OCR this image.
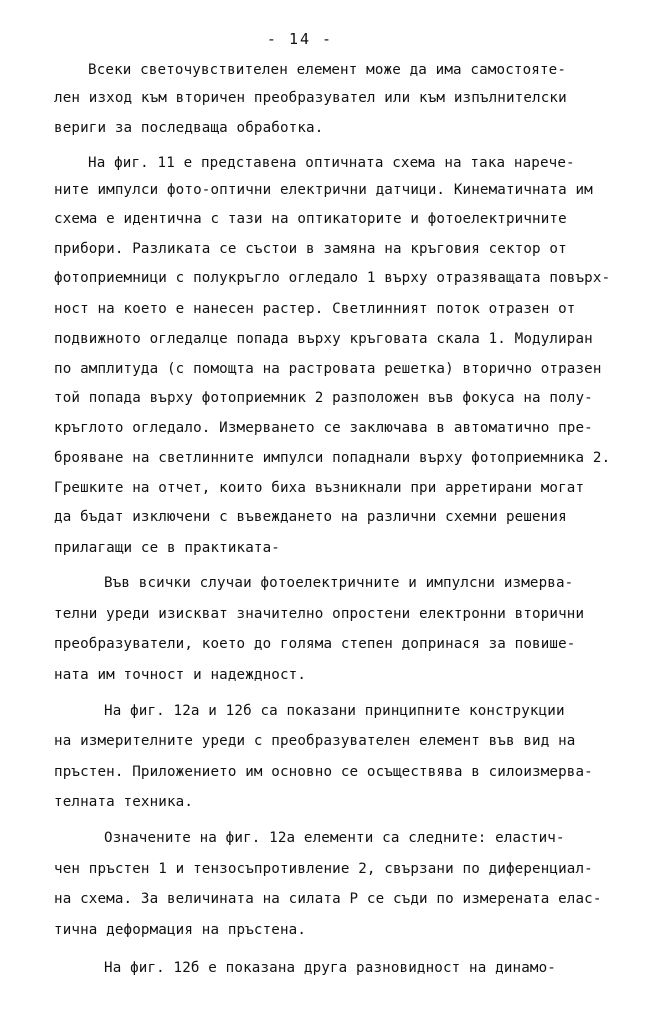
- 14 -
Всеки светочувствителен елемент може да има самостояте-
лен изход към вторичен преобразувател или към изпълнителски
вериги за последваща обработка.
На фиг. 11 е представена оптичната схема на така нарече-
ните импулси фото-оптични електрични датчици. Кинематичната им
схема е идентична с тази на оптикаторите и фотоелектричните
прибори. Разликата се състои в замяна на кръговия сектор от
фотоприемници с полукръгло огледало 1 върху отразяващата повърх-
ност на което е нанесен растер. Светлинният поток отразен от
подвижното огледалце попада върху кръговата скала 1. Модулиран
по амплитуда (с помощта на растровата решетка) вторично отразен
той попада върху фотоприемник 2 разположен във фокуса на полу-
кръглото огледало. Измерването се заключава в автоматично пре-
брояване на светлинните импулси попаднали върху фотоприемника 2.
Грешките на отчет, които биха възникнали при арретирани могат
да бъдат изключени с въвеждането на различни схемни решения
прилагащи се в практиката-
Във всички случаи фотоелектричните и импулсни измерва-
телни уреди изискват значително опростени електронни вторични
преобразуватели, което до голяма степен допринася за повише-
ната им точност и надеждност.
На фиг. 12а и 12б са показани принципните конструкции
на измерителните уреди с преобразувателен елемент във вид на
пръстен. Приложението им основно се осъществява в силоизмерва-
телната техника.
Означените на фиг. 12а елементи са следните: еластич-
чен пръстен 1 и тензосъпротивление 2, свързани по диференциал-
на схема. За величината на силата Р се съди по измерената елас-
тична деформация на пръстена.
На фиг. 12б е показана друга разновидност на динамо-
